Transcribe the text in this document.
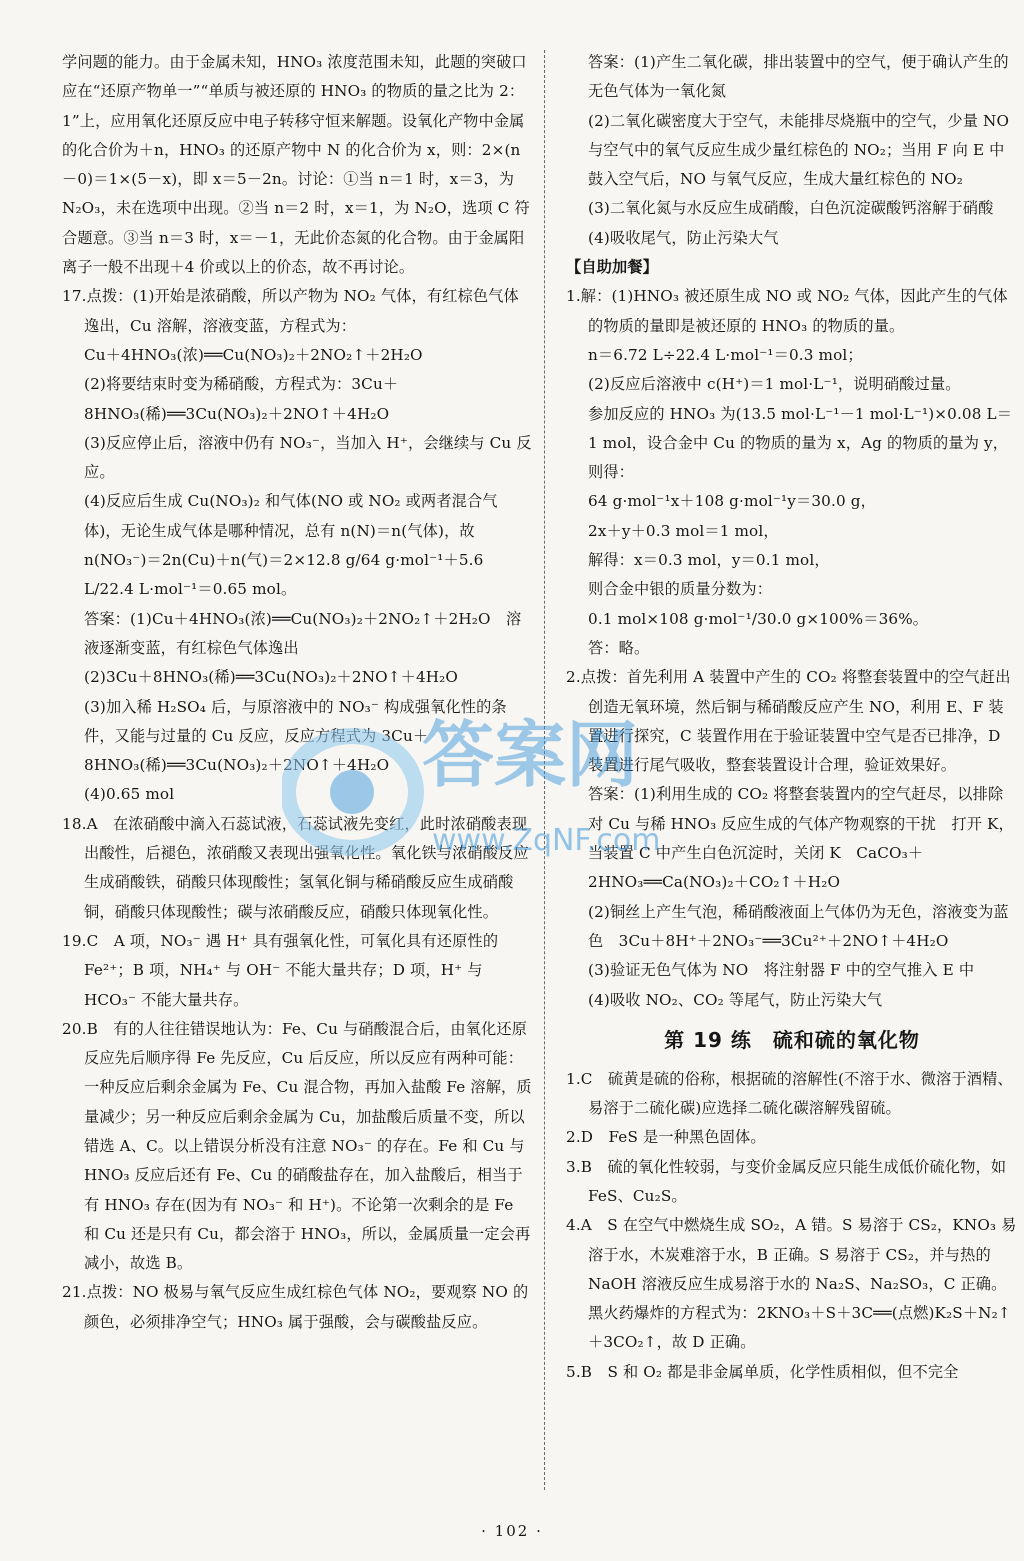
学问题的能力。由于金属未知，HNO₃ 浓度范围未知，此题的突破口应在“还原产物单一”“单质与被还原的 HNO₃ 的物质的量之比为 2：1”上，应用氧化还原反应中电子转移守恒来解题。设氧化产物中金属的化合价为＋n，HNO₃ 的还原产物中 N 的化合价为 x，则：2×(n－0)＝1×(5－x)，即 x＝5－2n。讨论：①当 n＝1 时，x＝3，为 N₂O₃，未在选项中出现。②当 n＝2 时，x＝1，为 N₂O，选项 C 符合题意。③当 n＝3 时，x＝－1，无此价态氮的化合物。由于金属阳离子一般不出现＋4 价或以上的价态，故不再讨论。

17.点拨：(1)开始是浓硝酸，所以产物为 NO₂ 气体，有红棕色气体逸出，Cu 溶解，溶液变蓝，方程式为：

Cu＋4HNO₃(浓)══Cu(NO₃)₂＋2NO₂↑＋2H₂O

(2)将要结束时变为稀硝酸，方程式为：3Cu＋8HNO₃(稀)══3Cu(NO₃)₂＋2NO↑＋4H₂O

(3)反应停止后，溶液中仍有 NO₃⁻，当加入 H⁺，会继续与 Cu 反应。

(4)反应后生成 Cu(NO₃)₂ 和气体(NO 或 NO₂ 或两者混合气体)，无论生成气体是哪种情况，总有 n(N)＝n(气体)，故 n(NO₃⁻)＝2n(Cu)＋n(气)＝2×12.8 g/64 g·mol⁻¹＋5.6 L/22.4 L·mol⁻¹＝0.65 mol。

答案：(1)Cu＋4HNO₃(浓)══Cu(NO₃)₂＋2NO₂↑＋2H₂O　溶液逐渐变蓝，有红棕色气体逸出

(2)3Cu＋8HNO₃(稀)══3Cu(NO₃)₂＋2NO↑＋4H₂O

(3)加入稀 H₂SO₄ 后，与原溶液中的 NO₃⁻ 构成强氧化性的条件，又能与过量的 Cu 反应，反应方程式为 3Cu＋8HNO₃(稀)══3Cu(NO₃)₂＋2NO↑＋4H₂O

(4)0.65 mol

18.A　在浓硝酸中滴入石蕊试液，石蕊试液先变红，此时浓硝酸表现出酸性，后褪色，浓硝酸又表现出强氧化性。氧化铁与浓硝酸反应生成硝酸铁，硝酸只体现酸性；氢氧化铜与稀硝酸反应生成硝酸铜，硝酸只体现酸性；碳与浓硝酸反应，硝酸只体现氧化性。

19.C　A 项，NO₃⁻ 遇 H⁺ 具有强氧化性，可氧化具有还原性的 Fe²⁺；B 项，NH₄⁺ 与 OH⁻ 不能大量共存；D 项，H⁺ 与 HCO₃⁻ 不能大量共存。

20.B　有的人往往错误地认为：Fe、Cu 与硝酸混合后，由氧化还原反应先后顺序得 Fe 先反应，Cu 后反应，所以反应有两种可能：一种反应后剩余金属为 Fe、Cu 混合物，再加入盐酸 Fe 溶解，质量减少；另一种反应后剩余金属为 Cu，加盐酸后质量不变，所以错选 A、C。以上错误分析没有注意 NO₃⁻ 的存在。Fe 和 Cu 与 HNO₃ 反应后还有 Fe、Cu 的硝酸盐存在，加入盐酸后，相当于有 HNO₃ 存在(因为有 NO₃⁻ 和 H⁺)。不论第一次剩余的是 Fe 和 Cu 还是只有 Cu，都会溶于 HNO₃，所以，金属质量一定会再减小，故选 B。

21.点拨：NO 极易与氧气反应生成红棕色气体 NO₂，要观察 NO 的颜色，必须排净空气；HNO₃ 属于强酸，会与碳酸盐反应。

答案：(1)产生二氧化碳，排出装置中的空气，便于确认产生的无色气体为一氧化氮

(2)二氧化碳密度大于空气，未能排尽烧瓶中的空气，少量 NO 与空气中的氧气反应生成少量红棕色的 NO₂；当用 F 向 E 中鼓入空气后，NO 与氧气反应，生成大量红棕色的 NO₂

(3)二氧化氮与水反应生成硝酸，白色沉淀碳酸钙溶解于硝酸

(4)吸收尾气，防止污染大气

【自助加餐】

1.解：(1)HNO₃ 被还原生成 NO 或 NO₂ 气体，因此产生的气体的物质的量即是被还原的 HNO₃ 的物质的量。

n＝6.72 L÷22.4 L·mol⁻¹＝0.3 mol；

(2)反应后溶液中 c(H⁺)＝1 mol·L⁻¹，说明硝酸过量。

参加反应的 HNO₃ 为(13.5 mol·L⁻¹－1 mol·L⁻¹)×0.08 L＝1 mol，设合金中 Cu 的物质的量为 x，Ag 的物质的量为 y，则得：

64 g·mol⁻¹x＋108 g·mol⁻¹y＝30.0 g，

2x＋y＋0.3 mol＝1 mol，

解得：x＝0.3 mol，y＝0.1 mol，

则合金中银的质量分数为：

0.1 mol×108 g·mol⁻¹/30.0 g×100%＝36%。

答：略。

2.点拨：首先利用 A 装置中产生的 CO₂ 将整套装置中的空气赶出创造无氧环境，然后铜与稀硝酸反应产生 NO，利用 E、F 装置进行探究，C 装置作用在于验证装置中空气是否已排净，D 装置进行尾气吸收，整套装置设计合理，验证效果好。

答案：(1)利用生成的 CO₂ 将整套装置内的空气赶尽，以排除对 Cu 与稀 HNO₃ 反应生成的气体产物观察的干扰　打开 K，当装置 C 中产生白色沉淀时，关闭 K　CaCO₃＋2HNO₃══Ca(NO₃)₂＋CO₂↑＋H₂O

(2)铜丝上产生气泡，稀硝酸液面上气体仍为无色，溶液变为蓝色　3Cu＋8H⁺＋2NO₃⁻══3Cu²⁺＋2NO↑＋4H₂O

(3)验证无色气体为 NO　将注射器 F 中的空气推入 E 中

(4)吸收 NO₂、CO₂ 等尾气，防止污染大气

第 19 练　硫和硫的氧化物

1.C　硫黄是硫的俗称，根据硫的溶解性(不溶于水、微溶于酒精、易溶于二硫化碳)应选择二硫化碳溶解残留硫。

2.D　FeS 是一种黑色固体。

3.B　硫的氧化性较弱，与变价金属反应只能生成低价硫化物，如 FeS、Cu₂S。

4.A　S 在空气中燃烧生成 SO₂，A 错。S 易溶于 CS₂，KNO₃ 易溶于水，木炭难溶于水，B 正确。S 易溶于 CS₂，并与热的 NaOH 溶液反应生成易溶于水的 Na₂S、Na₂SO₃，C 正确。黑火药爆炸的方程式为：2KNO₃＋S＋3C══(点燃)K₂S＋N₂↑＋3CO₂↑，故 D 正确。

5.B　S 和 O₂ 都是非金属单质，化学性质相似，但不完全

答案网
www.ZqNF.com
· 102 ·
